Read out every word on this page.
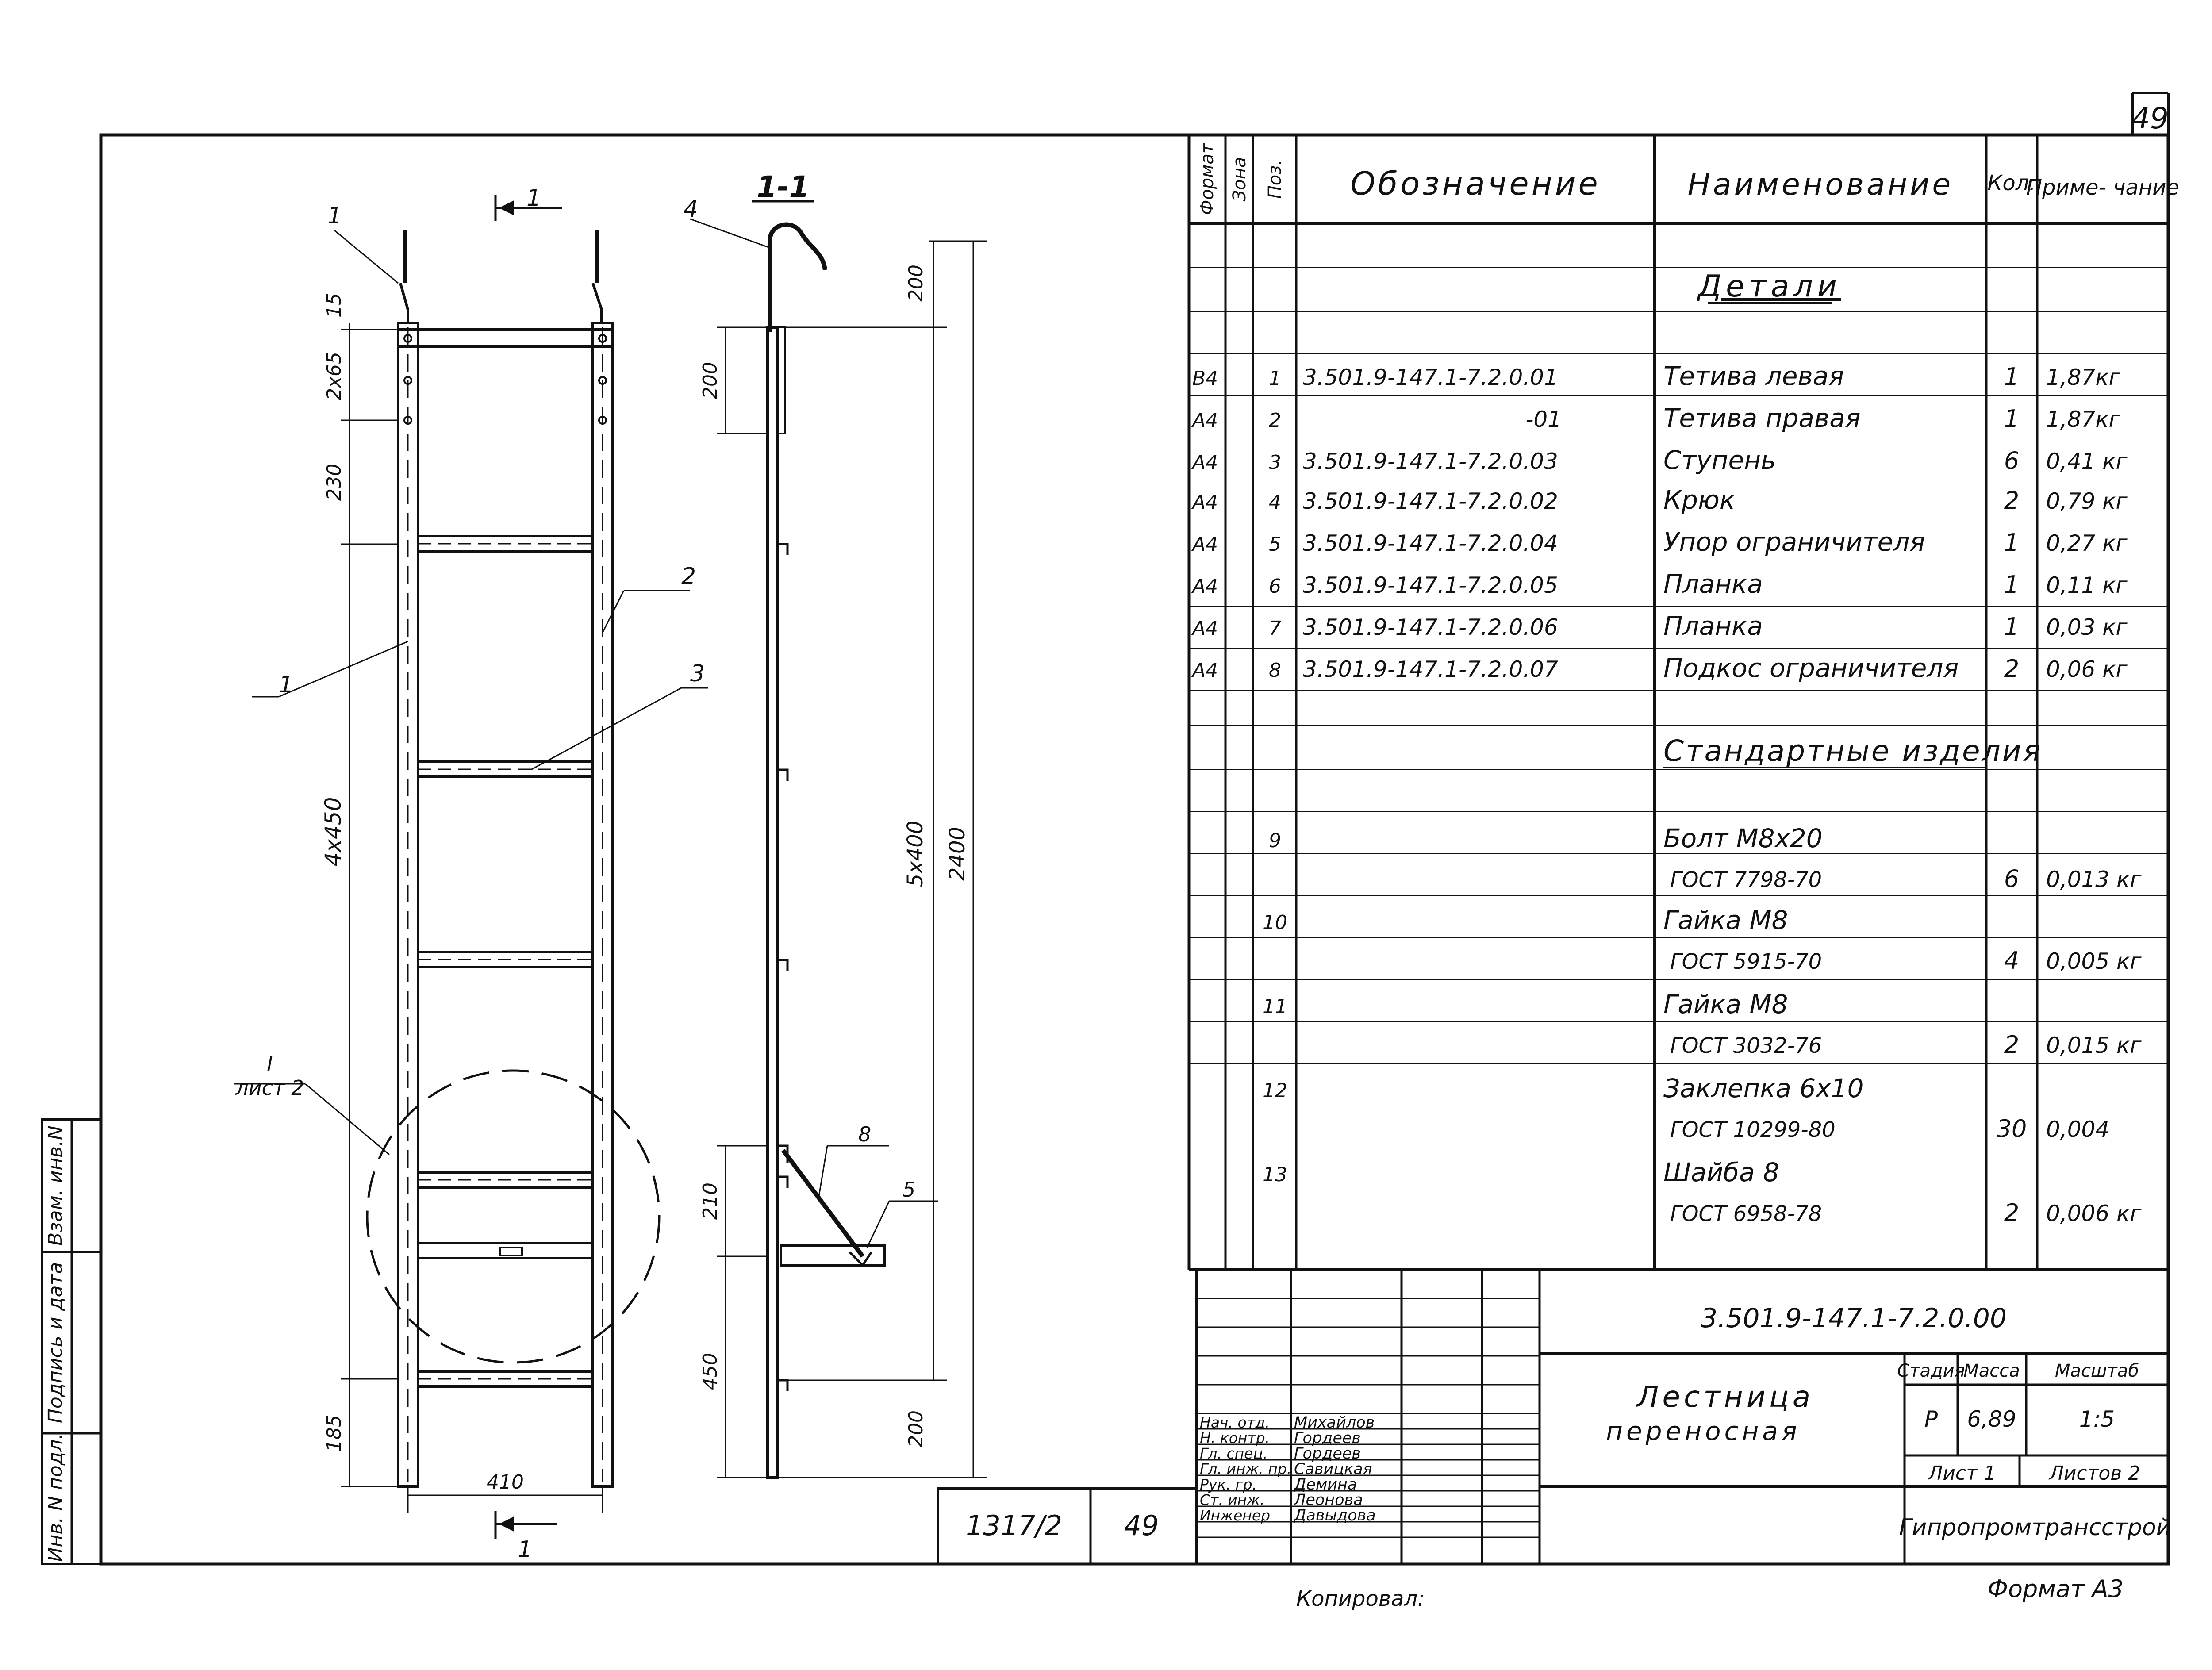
49
Инв. N подл.
Подпись и дата
Взам. инв.N
1
1
1
2
3
1
I
лист 2
15
2x65
230
4x450
185
410
1-1
4
8
5
200
200
5x400 2400
210
450
200
Формат Зона Поз. Обозначение	Наименование Кол.
Приме- чание
Детали
Стандартные изделия
В4	1 3.501.9-147.1-7.2.0.01	Тетива левая	1 1,87кг
А4	2	-01	Тетива правая	1 1,87кг
А4	3 3.501.9-147.1-7.2.0.03	Ступень	6 0,41 кг
А4	4 3.501.9-147.1-7.2.0.02	Крюк	2 0,79 кг
А4	5 3.501.9-147.1-7.2.0.04	Упор ограничителя	1 0,27 кг
А4	6 3.501.9-147.1-7.2.0.05	Планка	1 0,11 кг
А4	7 3.501.9-147.1-7.2.0.06	Планка	1 0,03 кг
А4	8 3.501.9-147.1-7.2.0.07	Подкос ограничителя 2 0,06 кг
9	Болт М8х20
ГОСТ 7798-70	6 0,013 кг
10	Гайка М8
ГОСТ 5915-70	4 0,005 кг
11	Гайка М8
ГОСТ 3032-76	2 0,015 кг
12	Заклепка 6х10
ГОСТ 10299-80	30 0,004
13	Шайба 8
ГОСТ 6958-78	2 0,006 кг
3.501.9-147.1-7.2.0.00
Лестница
переносная
Стадия
Масса Масштаб
Р 6,89	1:5
Лист 1	Листов 2
Гипропромтрансстрой
1317/2 49
Нач. отд. Михайлов
Н. контр. Гордеев
Гл. спец. Гордеев
Гл. инж. пр. Савицкая
Рук. гр. Демина
Ст. инж. Леонова
Инженер Давыдова
Копировал:	Формат А3
